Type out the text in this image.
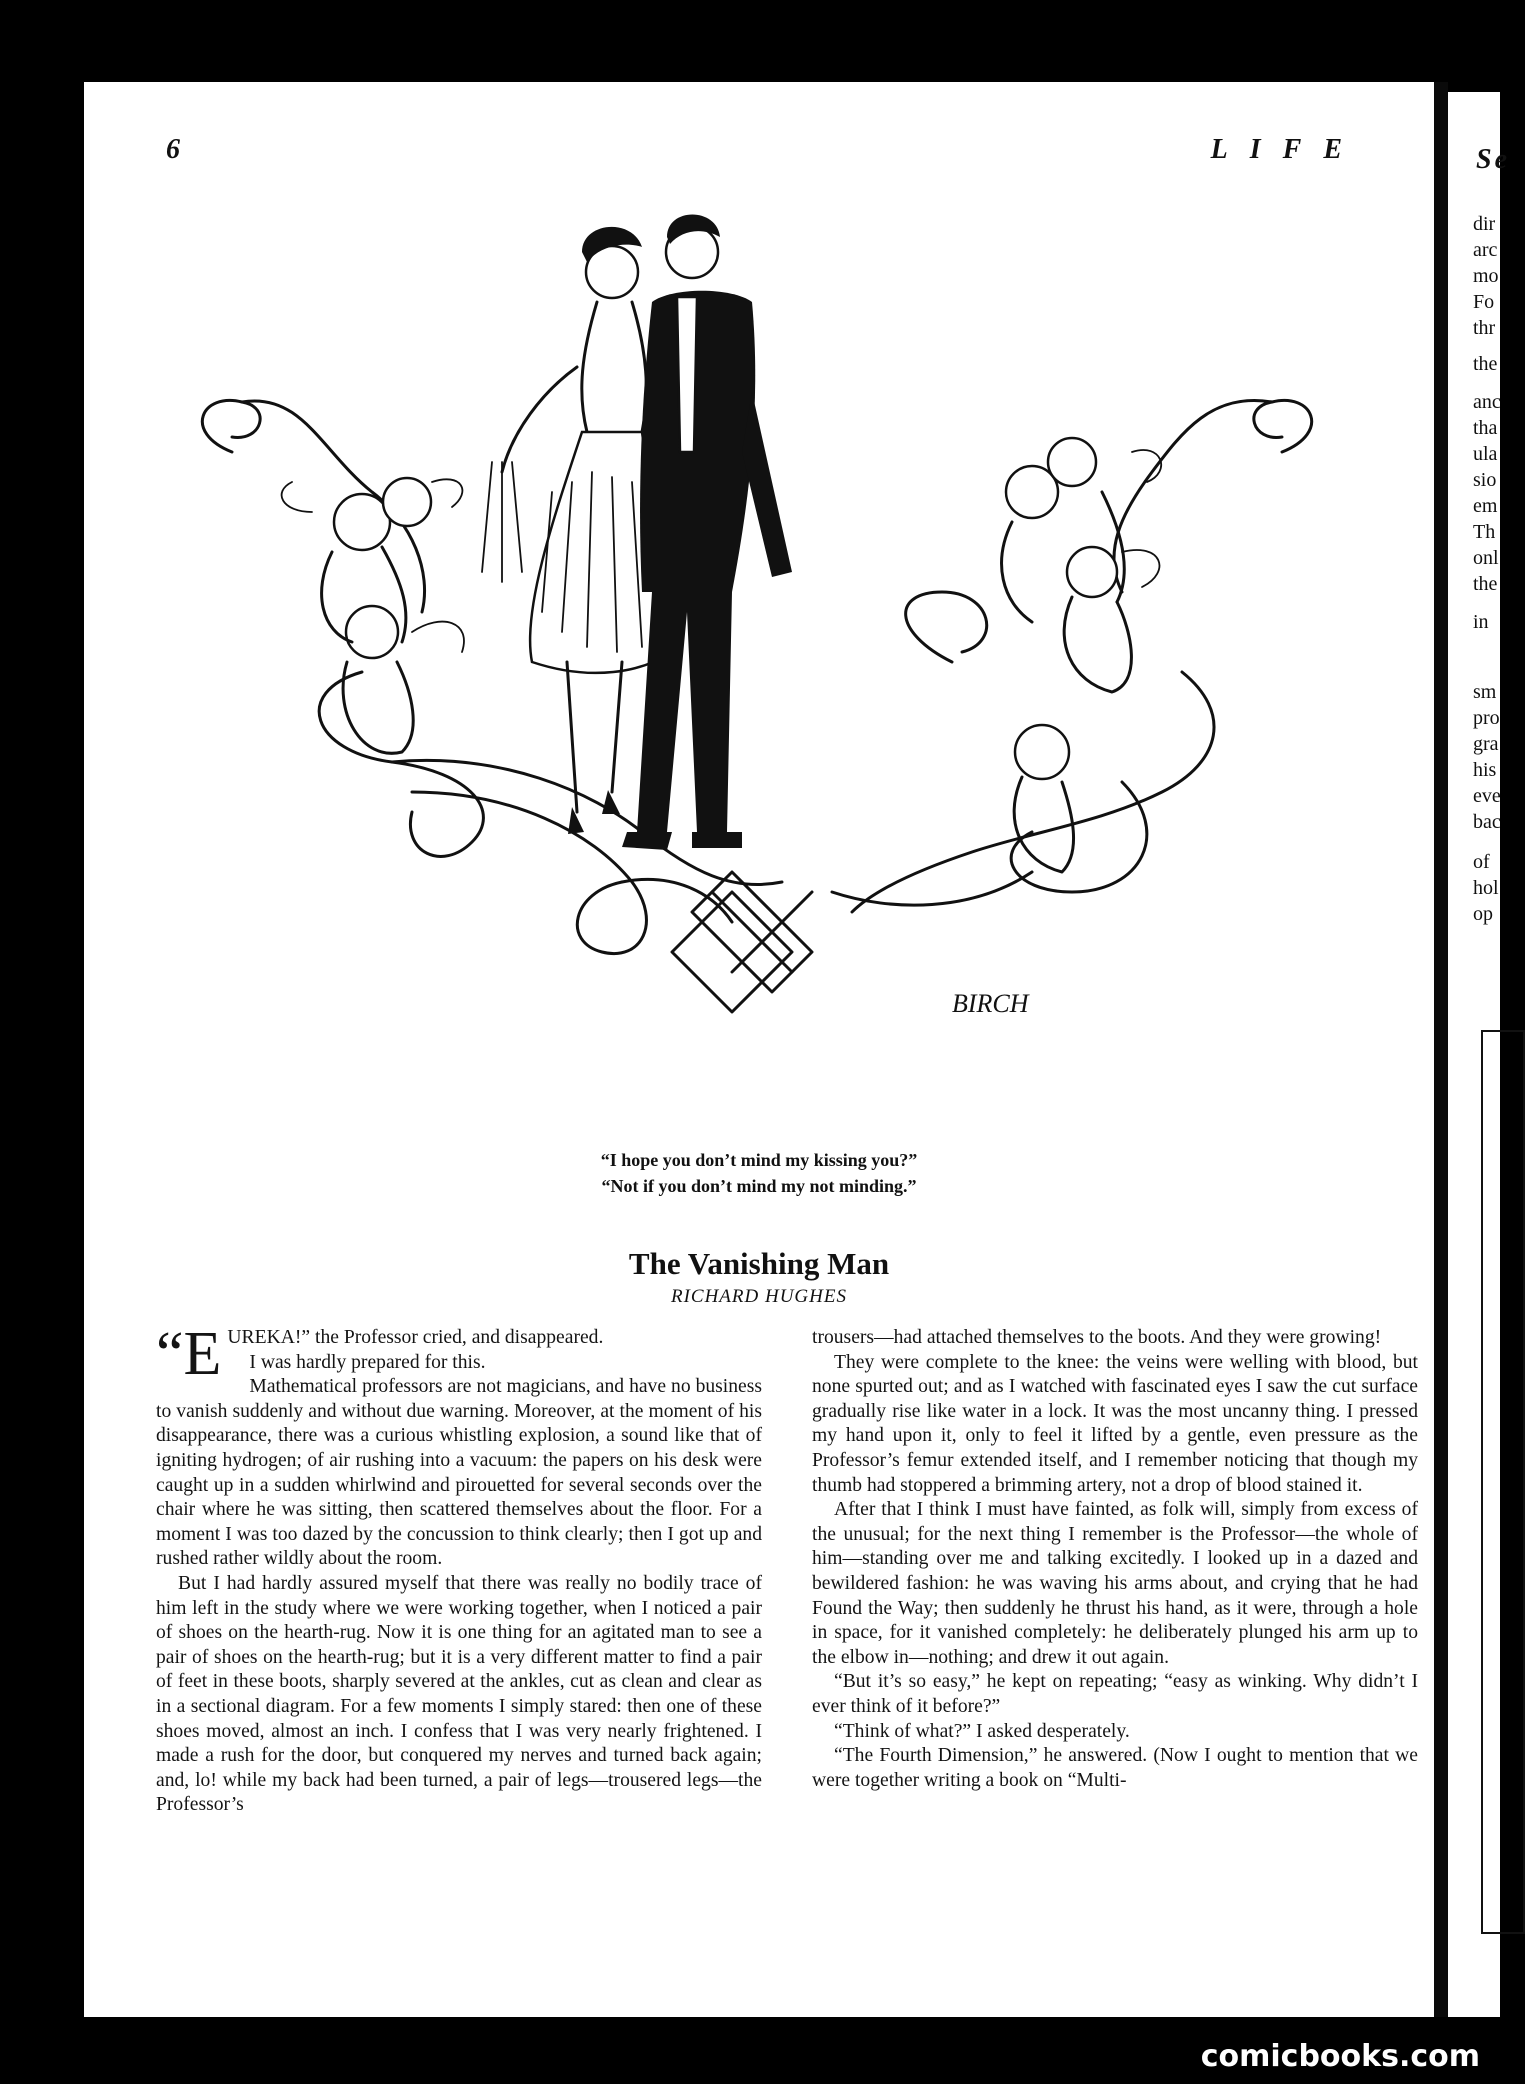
6	LIFE
BIRCH
“I hope you don’t mind my kissing you?”
“Not if you don’t mind my not minding.”
The Vanishing Man
RICHARD HUGHES

“EUREKA!” the Professor cried, and disappeared.

I was hardly prepared for this.

Mathematical professors are not magicians, and have no business to vanish suddenly and without due warning. Moreover, at the moment of his disappearance, there was a curious whistling explosion, a sound like that of igniting hydrogen; of air rushing into a vacuum: the papers on his desk were caught up in a sudden whirlwind and pirouetted for several seconds over the chair where he was sitting, then scattered themselves about the floor. For a moment I was too dazed by the concussion to think clearly; then I got up and rushed rather wildly about the room.

But I had hardly assured myself that there was really no bodily trace of him left in the study where we were working together, when I noticed a pair of shoes on the hearth-rug. Now it is one thing for an agitated man to see a pair of shoes on the hearth-rug; but it is a very different matter to find a pair of feet in these boots, sharply severed at the ankles, cut as clean and clear as in a sectional diagram. For a few moments I simply stared: then one of these shoes moved, almost an inch. I confess that I was very nearly frightened. I made a rush for the door, but conquered my nerves and turned back again; and, lo! while my back had been turned, a pair of legs—trousered legs—the Professor’s

trousers—had attached themselves to the boots. And they were growing!

They were complete to the knee: the veins were welling with blood, but none spurted out; and as I watched with fascinated eyes I saw the cut surface gradually rise like water in a lock. It was the most uncanny thing. I pressed my hand upon it, only to feel it lifted by a gentle, even pressure as the Professor’s femur extended itself, and I remember noticing that though my thumb had stoppered a brimming artery, not a drop of blood stained it.

After that I think I must have fainted, as folk will, simply from excess of the unusual; for the next thing I remember is the Professor—the whole of him—standing over me and talking excitedly. I looked up in a dazed and bewildered fashion: he was waving his arms about, and crying that he had Found the Way; then suddenly he thrust his hand, as it were, through a hole in space, for it vanished completely: he deliberately plunged his arm up to the elbow in—nothing; and drew it out again.

“But it’s so easy,” he kept on repeating; “easy as winking. Why didn’t I ever think of it before?”

“Think of what?” I asked desperately.

“The Fourth Dimension,” he answered. (Now I ought to mention that we were together writing a book on “Multi-

Se
dir
arc
mo
Fo
thr
the
anc
tha
ula
sio
em
Th
onl
the
in
sm
pro
gra
his
eve
bac
of
hol
op
comicbooks.com
